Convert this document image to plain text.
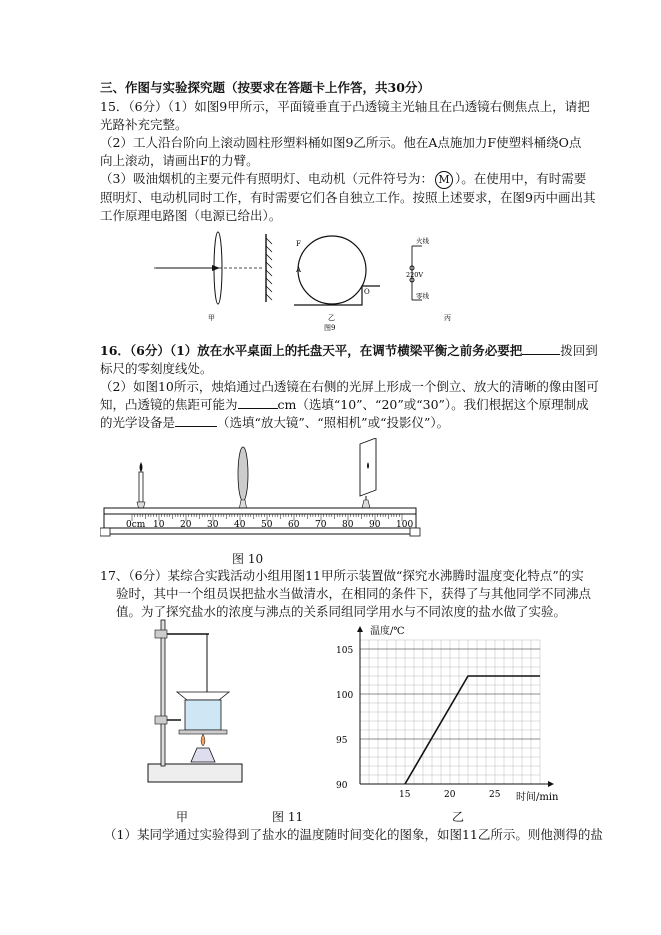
三、作图与实验探究题（按要求在答题卡上作答，共30分）
15．（6分）（1）如图9甲所示，平面镜垂直于凸透镜主光轴且在凸透镜右侧焦点上，请把
光路补充完整。
（2）工人沿台阶向上滚动圆柱形塑料桶如图9乙所示。他在A点施加力F使塑料桶绕O点
向上滚动，请画出F的力臂。
（3）吸油烟机的主要元件有照明灯、电动机（元件符号为： M ）。在使用中，有时需要
照明灯、电动机同时工作，有时需要它们各自独立工作。按照上述要求，在图9丙中画出其
工作原理电路图（电源已给出）。
F
A
O
火线
220V
零线
甲	乙	丙
图9
16．（6分）（1）放在水平桌面上的托盘天平，在调节横梁平衡之前务必要把	拨回到
标尺的零刻度线处。
（2）如图10所示，烛焰通过凸透镜在右侧的光屏上形成一个倒立、放大的清晰的像由图可
知，凸透镜的焦距可能为	cm（选填“10”、“20”或“30”）。我们根据这个原理制成
的光学设备是	（选填“放大镜”、“照相机”或“投影仪”）。
0cm 10 20 30 40 50 60 70 80 90 100
图 10
17、（6分）某综合实践活动小组用图11甲所示装置做“探究水沸腾时温度变化特点”的实
验时，其中一个组员误把盐水当做清水，在相同的条件下，获得了与其他同学不同沸点
值。为了探究盐水的浓度与沸点的关系同组同学用水与不同浓度的盐水做了实验。
15	20	25
90
95
100
105
温度/℃
时间/min
甲	图 11	乙
（1）某同学通过实验得到了盐水的温度随时间变化的图象，如图11乙所示。则他测得的盐
